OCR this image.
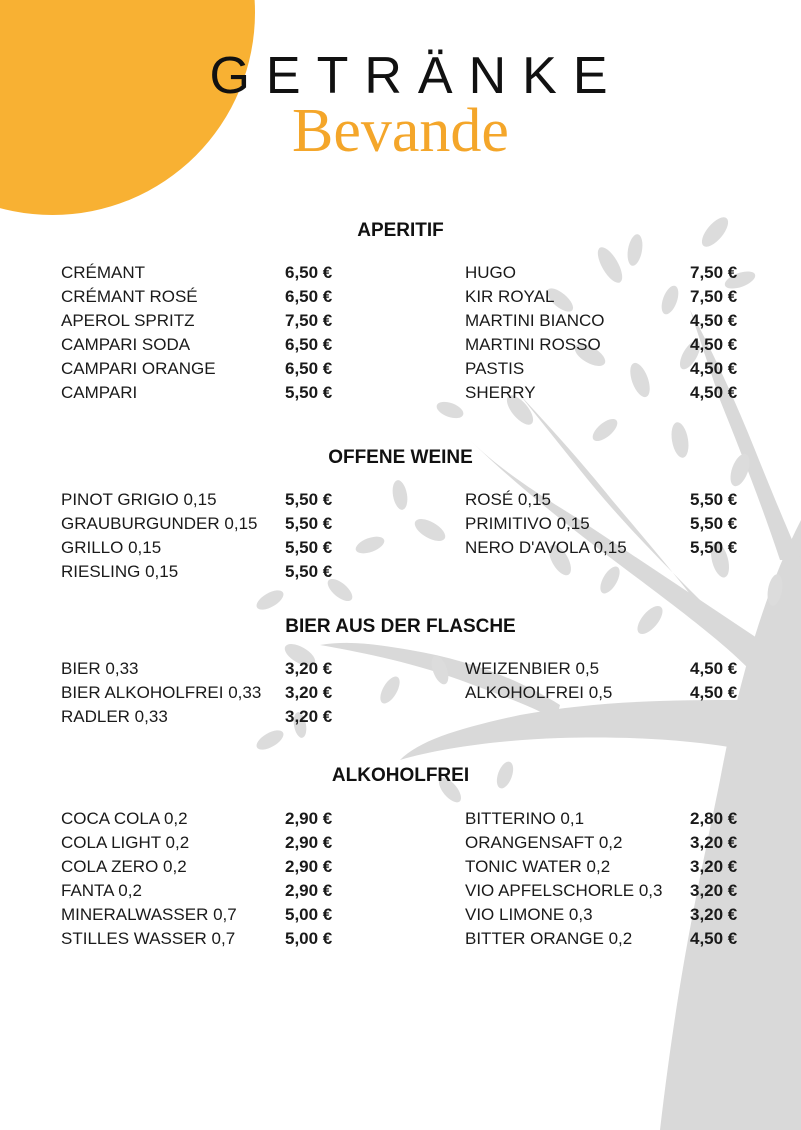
GETRÄNKE
Bevande
APERITIF
CRÉMANT	6,50 €
CRÉMANT ROSÉ	6,50 €
APEROL SPRITZ	7,50 €
CAMPARI SODA	6,50 €
CAMPARI ORANGE	6,50 €
CAMPARI	5,50 €
HUGO	7,50 €
KIR ROYAL	7,50 €
MARTINI BIANCO	4,50 €
MARTINI ROSSO	4,50 €
PASTIS	4,50 €
SHERRY	4,50 €
OFFENE WEINE
PINOT GRIGIO 0,15	5,50 €
GRAUBURGUNDER 0,15 5,50 €
GRILLO 0,15	5,50 €
RIESLING 0,15	5,50 €
ROSÉ 0,15	5,50 €
PRIMITIVO 0,15	5,50 €
NERO D'AVOLA 0,15	5,50 €
BIER AUS DER FLASCHE
BIER 0,33	3,20 €
BIER ALKOHOLFREI 0,33 3,20 €
RADLER 0,33	3,20 €
WEIZENBIER 0,5	4,50 €
ALKOHOLFREI 0,5	4,50 €
ALKOHOLFREI
COCA COLA 0,2	2,90 €
COLA LIGHT 0,2	2,90 €
COLA ZERO 0,2	2,90 €
FANTA 0,2	2,90 €
MINERALWASSER 0,7	5,00 €
STILLES WASSER 0,7	5,00 €
BITTERINO 0,1	2,80 €
ORANGENSAFT 0,2	3,20 €
TONIC WATER 0,2	3,20 €
VIO APFELSCHORLE 0,3 3,20 €
VIO LIMONE 0,3	3,20 €
BITTER ORANGE 0,2	4,50 €
